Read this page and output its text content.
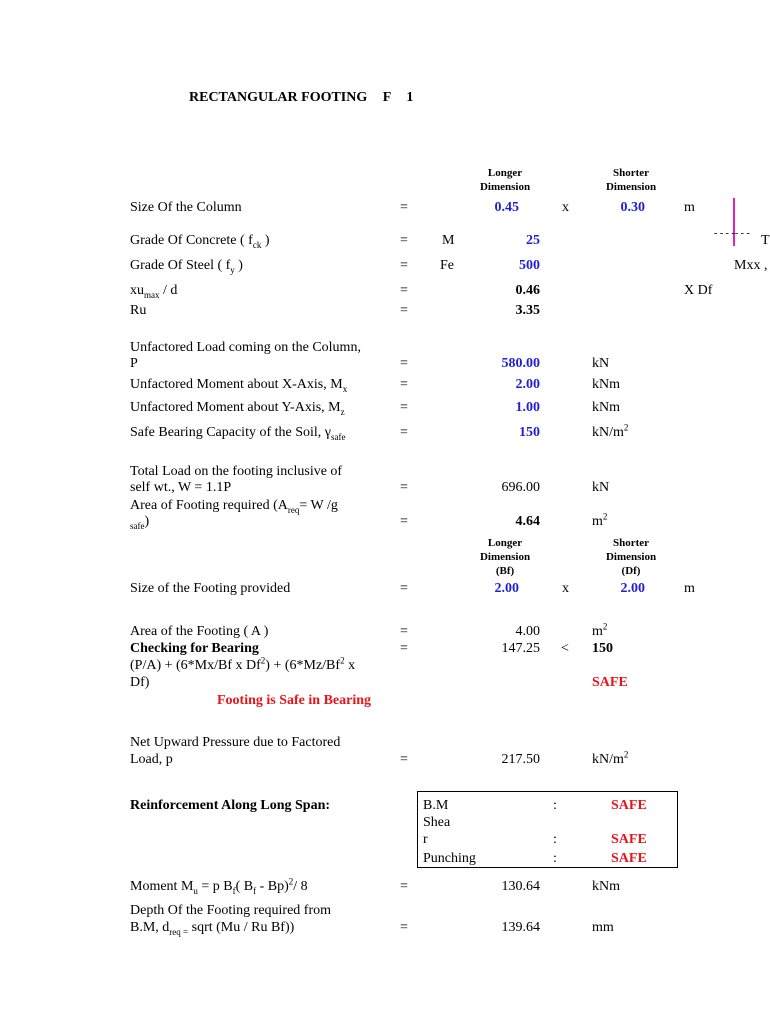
RECTANGULAR FOOTING F 1
Longer
Dimension
Shorter
Dimension
Size Of the Column	=	0.45	x	0.30	m
Grade Of Concrete ( $f_{ck}$ )	= M	25
Grade Of Steel ( $f_y$ )	= Fe	500
$xu_{max}$ / d	=	0.46	X Df
Ru	=	3.35
Unfactored Load coming on the Column,
P	=	580.00	kN
Unfactored Moment about X-Axis, $M_x$	=	2.00	kNm
Unfactored Moment about Y-Axis, $M_z$	=	1.00	kNm
Safe Bearing Capacity of the Soil, $\gamma_{safe}$	=	150	$kN/m^2$
Total Load on the footing inclusive of
self wt., W = 1.1P	=	696.00	kN
Area of Footing required ($A_{req}= W$ /g
$_{safe}$)	=	4.64	$m^2$
Longer
Dimension
(Bf)
Shorter
Dimension
(Df)
Size of the Footing provided	=	2.00	x	2.00	m
Area of the Footing ( A )	=	4.00	$m^2$
Checking for Bearing	=	147.25 < 150
(P/A) + (6*Mx/Bf x $Df^2) + (6*Mz/Bf^2$ x
Df)	SAFE
Footing is Safe in Bearing
Net Upward Pressure due to Factored
Load, p	=	217.50	$kN/m^2$
Reinforcement Along Long Span:	B.M	:	SAFE
Shea
r	:	SAFE
Punching	:	SAFE
Moment $M_u = p$ $B_f$( $B_f - Bp)^2/$ 8	=	130.64	kNm
Depth Of the Footing required from
B.M, $d_{req =}$ sqrt (Mu / Ru Bf))	=	139.64	mm
- - - -- - - T
Mxx ,
